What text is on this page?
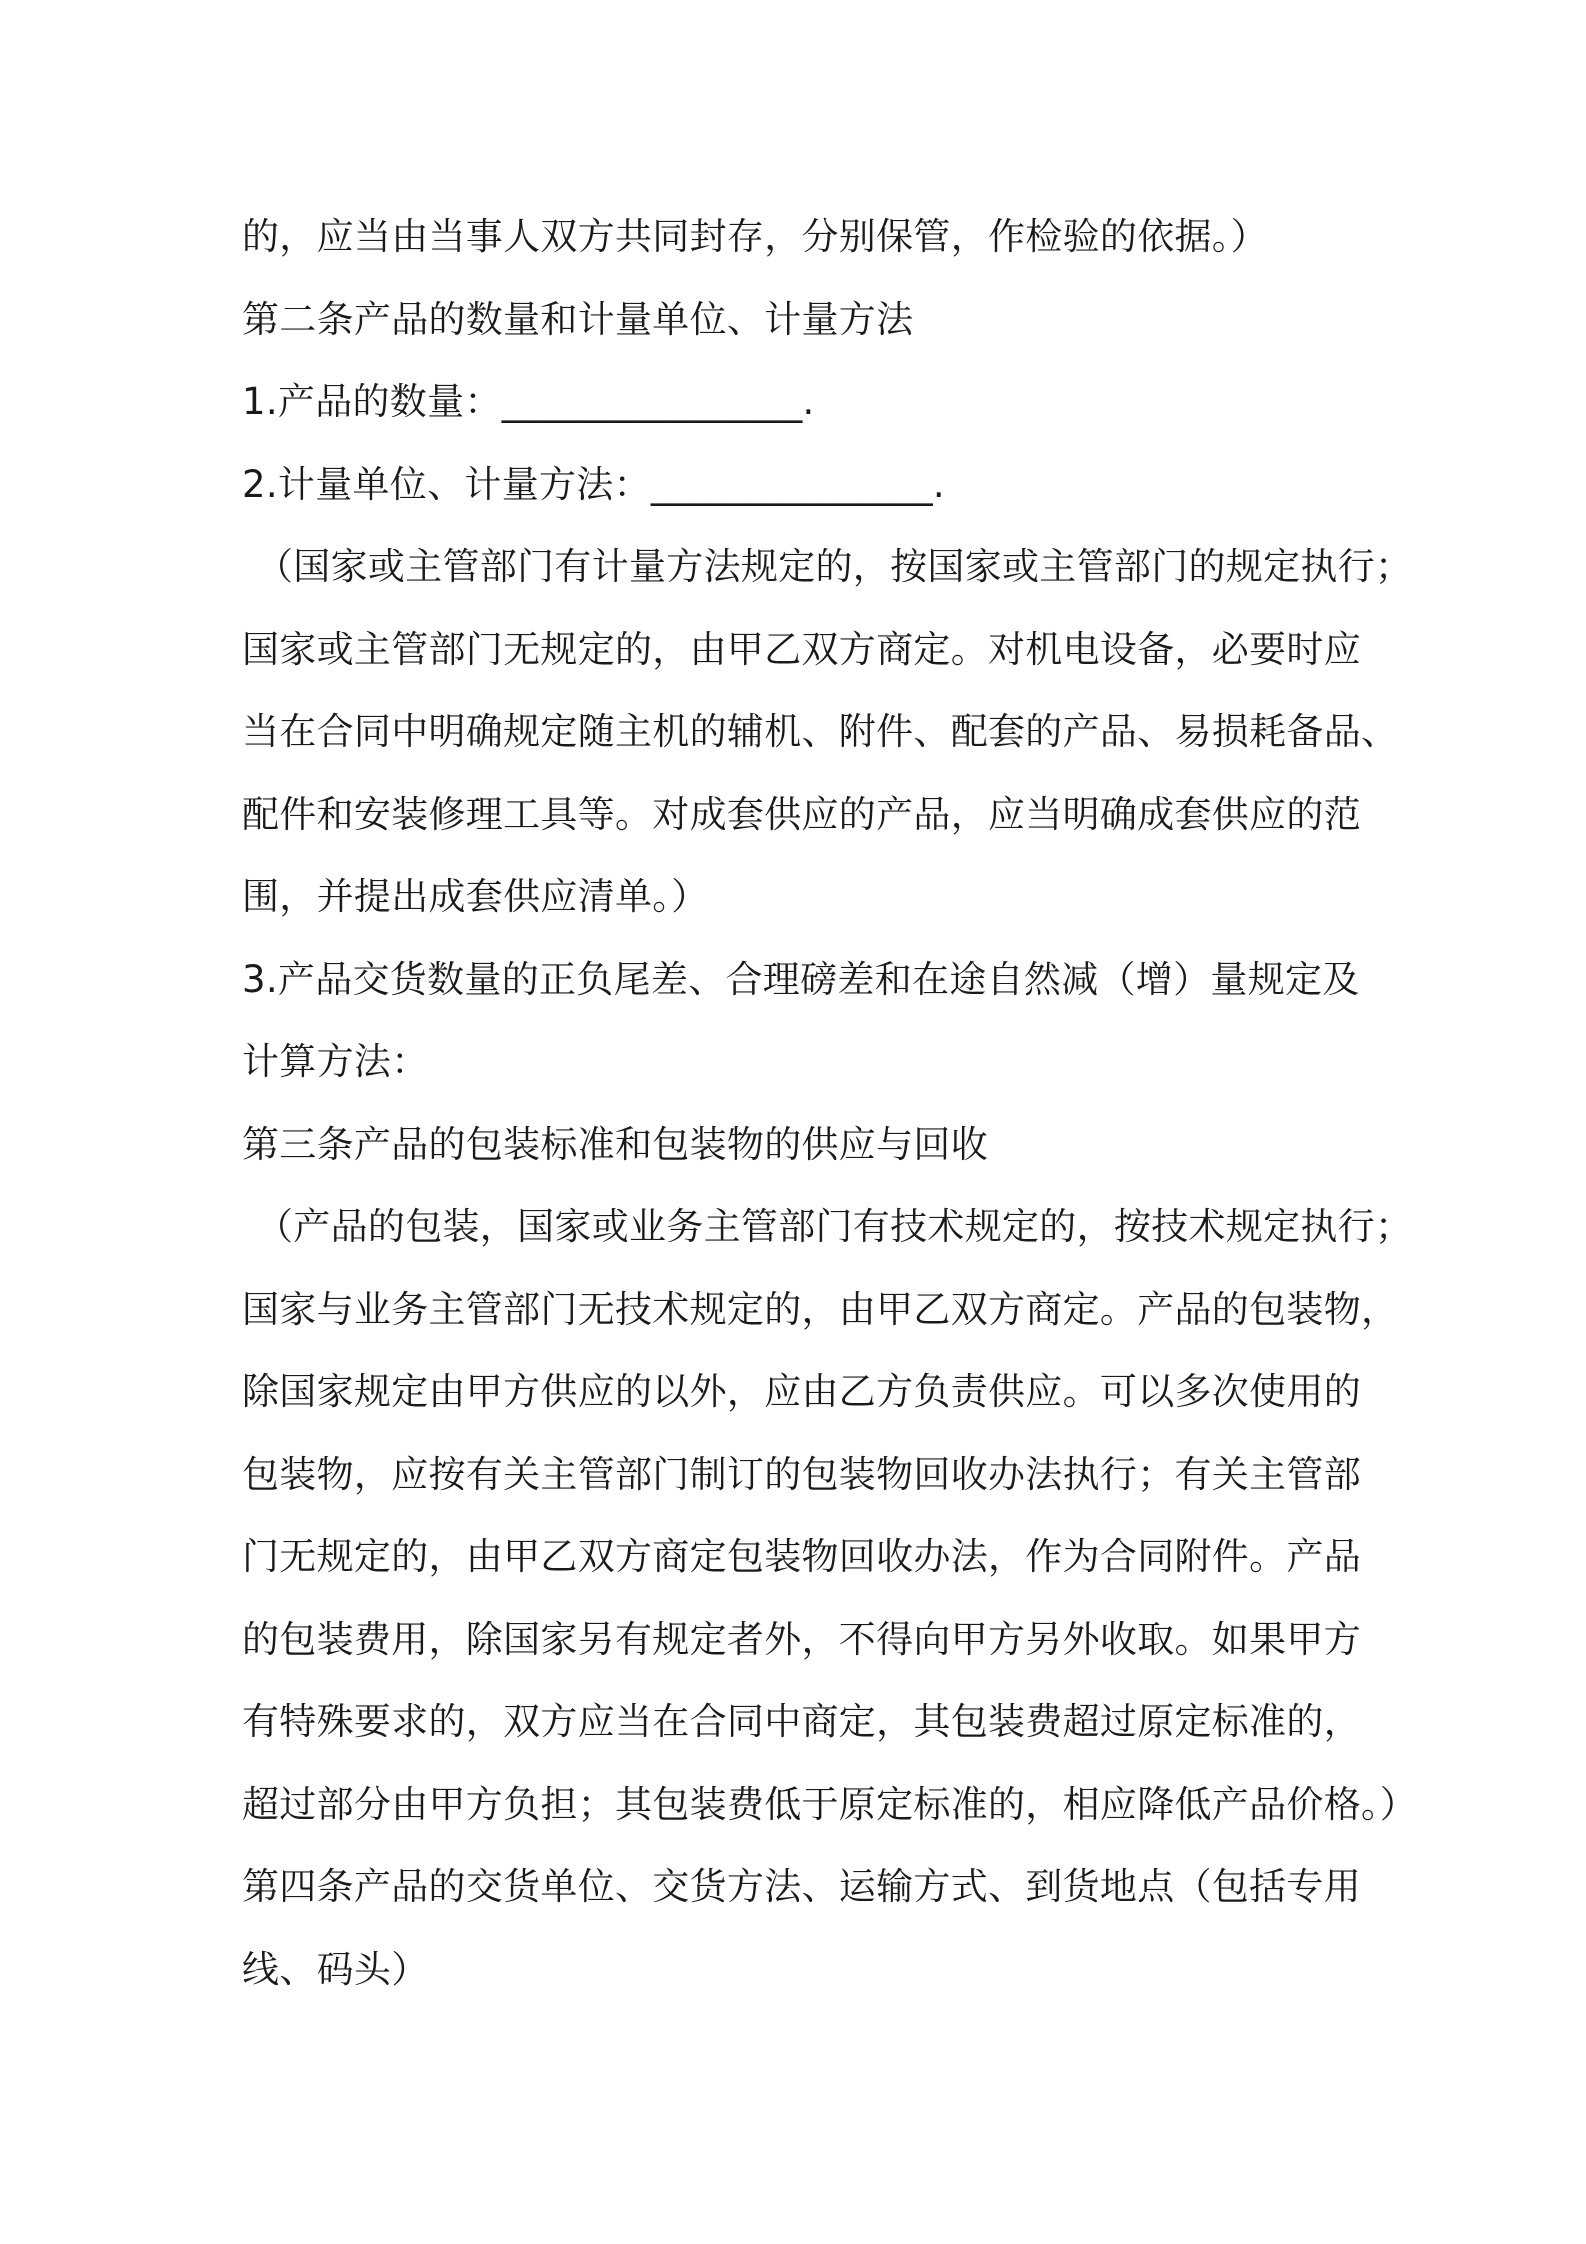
的，应当由当事人双方共同封存，分别保管，作检验的依据。）
第二条产品的数量和计量单位、计量方法
1.产品的数量：________________.
2.计量单位、计量方法：_______________.
（国家或主管部门有计量方法规定的，按国家或主管部门的规定执行；
国家或主管部门无规定的，由甲乙双方商定。对机电设备，必要时应
当在合同中明确规定随主机的辅机、附件、配套的产品、易损耗备品、
配件和安装修理工具等。对成套供应的产品，应当明确成套供应的范
围，并提出成套供应清单。）
3.产品交货数量的正负尾差、合理磅差和在途自然减（增）量规定及
计算方法：
第三条产品的包装标准和包装物的供应与回收
（产品的包装，国家或业务主管部门有技术规定的，按技术规定执行；
国家与业务主管部门无技术规定的，由甲乙双方商定。产品的包装物，
除国家规定由甲方供应的以外，应由乙方负责供应。可以多次使用的
包装物，应按有关主管部门制订的包装物回收办法执行；有关主管部
门无规定的，由甲乙双方商定包装物回收办法，作为合同附件。产品
的包装费用，除国家另有规定者外，不得向甲方另外收取。如果甲方
有特殊要求的，双方应当在合同中商定，其包装费超过原定标准的，
超过部分由甲方负担；其包装费低于原定标准的，相应降低产品价格。）
第四条产品的交货单位、交货方法、运输方式、到货地点（包括专用
线、码头）
